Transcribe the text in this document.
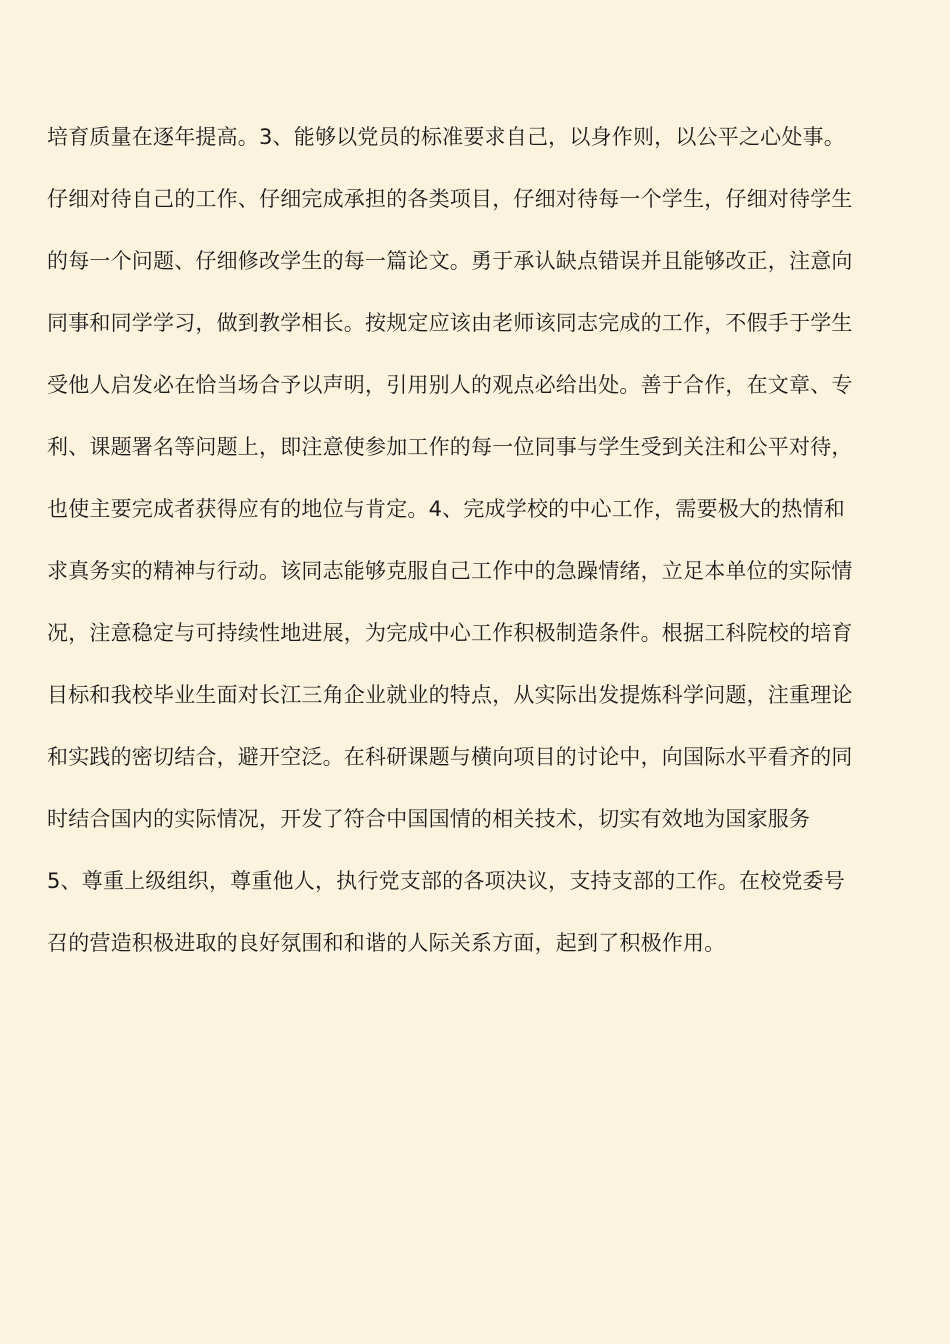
培育质量在逐年提高。3、能够以党员的标准要求自己，以身作则，以公平之心处事。
仔细对待自己的工作、仔细完成承担的各类项目，仔细对待每一个学生，仔细对待学生
的每一个问题、仔细修改学生的每一篇论文。勇于承认缺点错误并且能够改正，注意向
同事和同学学习，做到教学相长。按规定应该由老师该同志完成的工作，不假手于学生
受他人启发必在恰当场合予以声明，引用别人的观点必给出处。善于合作，在文章、专
利、课题署名等问题上，即注意使参加工作的每一位同事与学生受到关注和公平对待，
也使主要完成者获得应有的地位与肯定。4、完成学校的中心工作，需要极大的热情和
求真务实的精神与行动。该同志能够克服自己工作中的急躁情绪，立足本单位的实际情
况，注意稳定与可持续性地进展，为完成中心工作积极制造条件。根据工科院校的培育
目标和我校毕业生面对长江三角企业就业的特点，从实际出发提炼科学问题，注重理论
和实践的密切结合，避开空泛。在科研课题与横向项目的讨论中，向国际水平看齐的同
时结合国内的实际情况，开发了符合中国国情的相关技术，切实有效地为国家服务
5、尊重上级组织，尊重他人，执行党支部的各项决议，支持支部的工作。在校党委号
召的营造积极进取的良好氛围和和谐的人际关系方面，起到了积极作用。
